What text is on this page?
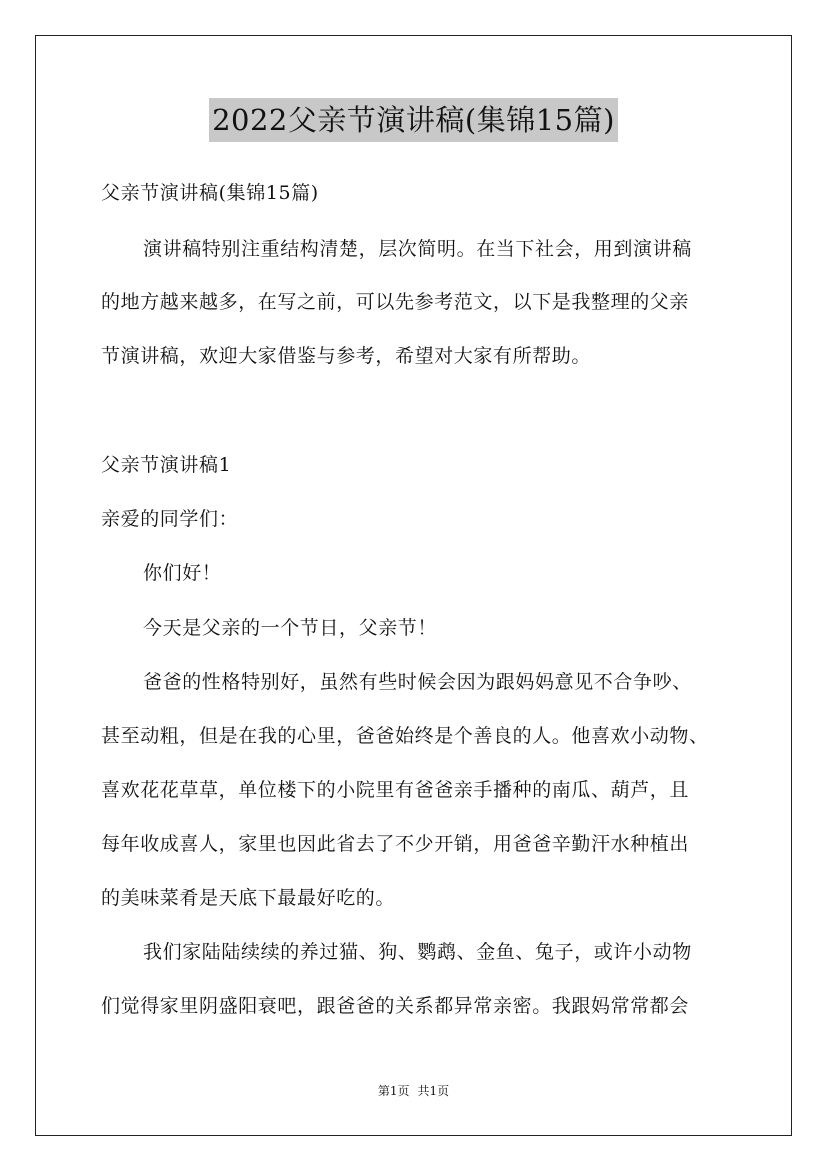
2022父亲节演讲稿(集锦15篇)
父亲节演讲稿(集锦15篇)
演讲稿特别注重结构清楚，层次简明。在当下社会，用到演讲稿
的地方越来越多，在写之前，可以先参考范文，以下是我整理的父亲
节演讲稿，欢迎大家借鉴与参考，希望对大家有所帮助。
父亲节演讲稿1
亲爱的同学们：
你们好！
今天是父亲的一个节日，父亲节！
爸爸的性格特别好，虽然有些时候会因为跟妈妈意见不合争吵、
甚至动粗，但是在我的心里，爸爸始终是个善良的人。他喜欢小动物、
喜欢花花草草，单位楼下的小院里有爸爸亲手播种的南瓜、葫芦，且
每年收成喜人，家里也因此省去了不少开销，用爸爸辛勤汗水种植出
的美味菜肴是天底下最最好吃的。
我们家陆陆续续的养过猫、狗、鹦鹉、金鱼、兔子，或许小动物
们觉得家里阴盛阳衰吧，跟爸爸的关系都异常亲密。我跟妈常常都会
第1页 共1页
